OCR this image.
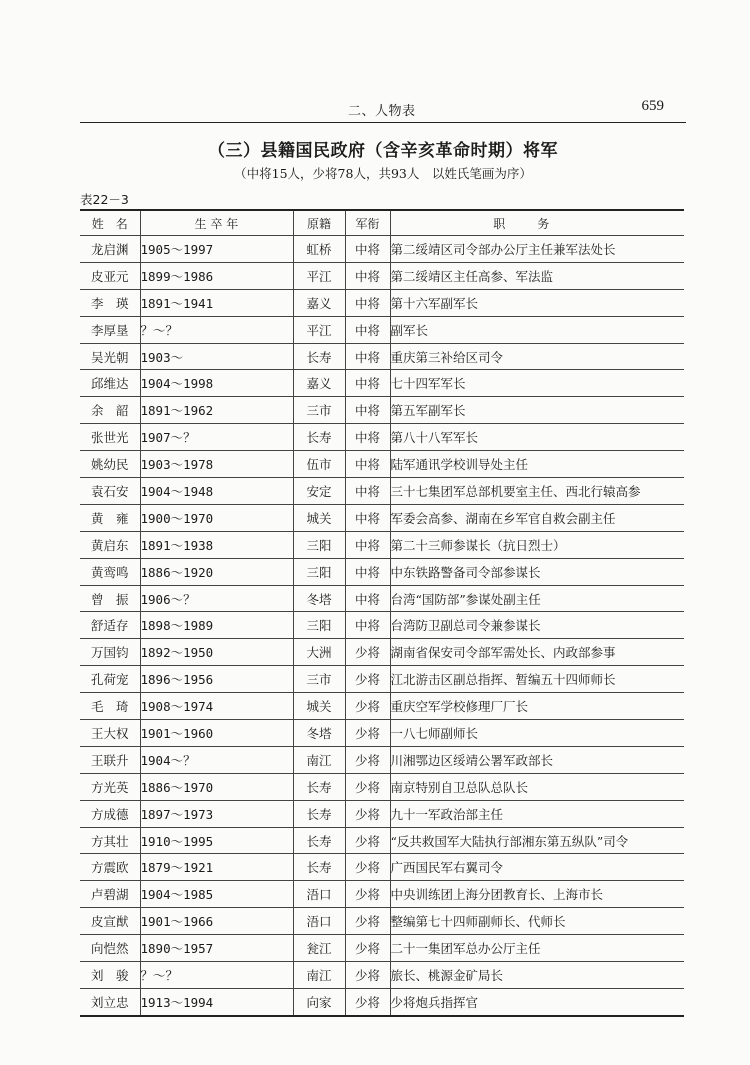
二、人物表	659
（三）县籍国民政府（含辛亥革命时期）将军
（中将15人，少将78人，共93人　以姓氏笔画为序）
表22－3
姓　名	生 卒 年	原籍	军衔	职务
龙启渊	1905～1997	虹桥	中将	第二绥靖区司令部办公厅主任兼军法处长
皮亚元	1899～1986	平江	中将	第二绥靖区主任高参、军法监
李　瑛	1891～1941	嘉义	中将	第十六军副军长
李厚垦	？～？	平江	中将	副军长
吴光朝	1903～	长寿	中将	重庆第三补给区司令
邱维达	1904～1998	嘉义	中将	七十四军军长
余　韶	1891～1962	三市	中将	第五军副军长
张世光	1907～？	长寿	中将	第八十八军军长
姚幼民	1903～1978	伍市	中将	陆军通讯学校训导处主任
袁石安	1904～1948	安定	中将	三十七集团军总部机要室主任、西北行辕高参
黄　雍	1900～1970	城关	中将	军委会高参、湖南在乡军官自救会副主任
黄启东	1891～1938	三阳	中将	第二十三师参谋长（抗日烈士）
黄鸾鸣	1886～1920	三阳	中将	中东铁路警备司令部参谋长
曾　振	1906～？	冬塔	中将	台湾“国防部”参谋处副主任
舒适存	1898～1989	三阳	中将	台湾防卫副总司令兼参谋长
万国钧	1892～1950	大洲	少将	湖南省保安司令部军需处长、内政部参事
孔荷宠	1896～1956	三市	少将	江北游击区副总指挥、暂编五十四师师长
毛　琦	1908～1974	城关	少将	重庆空军学校修理厂厂长
王大权	1901～1960	冬塔	少将	一八七师副师长
王联升	1904～？	南江	少将	川湘鄂边区绥靖公署军政部长
方光英	1886～1970	长寿	少将	南京特别自卫总队总队长
方成德	1897～1973	长寿	少将	九十一军政治部主任
方其壮	1910～1995	长寿	少将	“反共救国军大陆执行部湘东第五纵队”司令
方震欧	1879～1921	长寿	少将	广西国民军右翼司令
卢碧湖	1904～1985	浯口	少将	中央训练团上海分团教育长、上海市长
皮宣猷	1901～1966	浯口	少将	整编第七十四师副师长、代师长
向恺然	1890～1957	瓮江	少将	二十一集团军总办公厅主任
刘　骏	？～？	南江	少将	旅长、桃源金矿局长
刘立忠	1913～1994	向家	少将	少将炮兵指挥官
